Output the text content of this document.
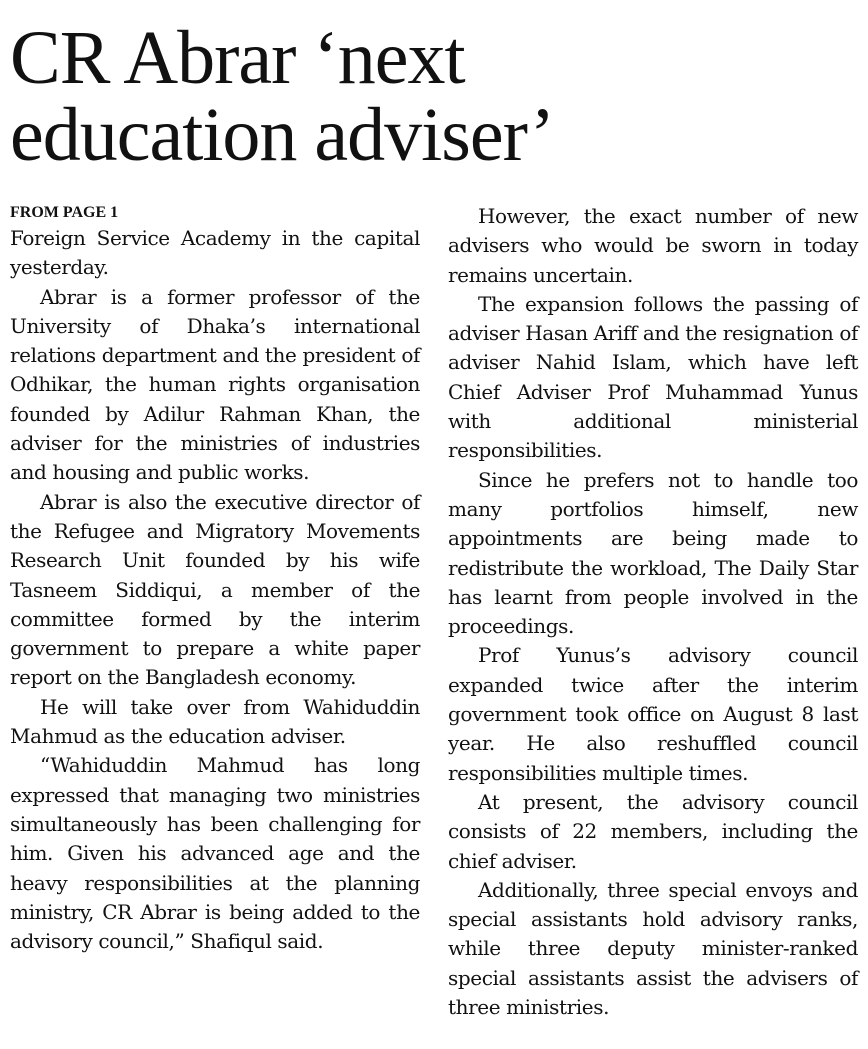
CR Abrar ‘next
education adviser’
FROM PAGE 1

Foreign Service Academy in the capital yesterday.

Abrar is a former professor of the University of Dhaka’s international relations department and the president of Odhikar, the human rights organisation founded by Adilur Rahman Khan, the adviser for the ministries of industries and housing and public works.

Abrar is also the executive director of the Refugee and Migratory Movements Research Unit founded by his wife Tasneem Siddiqui, a member of the committee formed by the interim government to prepare a white paper report on the Bangladesh economy.

He will take over from Wahiduddin Mahmud as the education adviser.

“Wahiduddin Mahmud has long expressed that managing two ministries simultaneously has been challenging for him. Given his advanced age and the heavy responsibilities at the planning ministry, CR Abrar is being added to the advisory council,” Shafiqul said.

However, the exact number of new advisers who would be sworn in today remains uncertain.

The expansion follows the passing of adviser Hasan Ariff and the resignation of adviser Nahid Islam, which have left Chief Adviser Prof Muhammad Yunus with additional ministerial responsibilities.

Since he prefers not to handle too many portfolios himself, new appointments are being made to redistribute the workload, The Daily Star has learnt from people involved in the proceedings.

Prof Yunus’s advisory council expanded twice after the interim government took office on August 8 last year. He also reshuffled council responsibilities multiple times.

At present, the advisory council consists of 22 members, including the chief adviser.

Additionally, three special envoys and special assistants hold advisory ranks, while three deputy minister-ranked special assistants assist the advisers of three ministries.
